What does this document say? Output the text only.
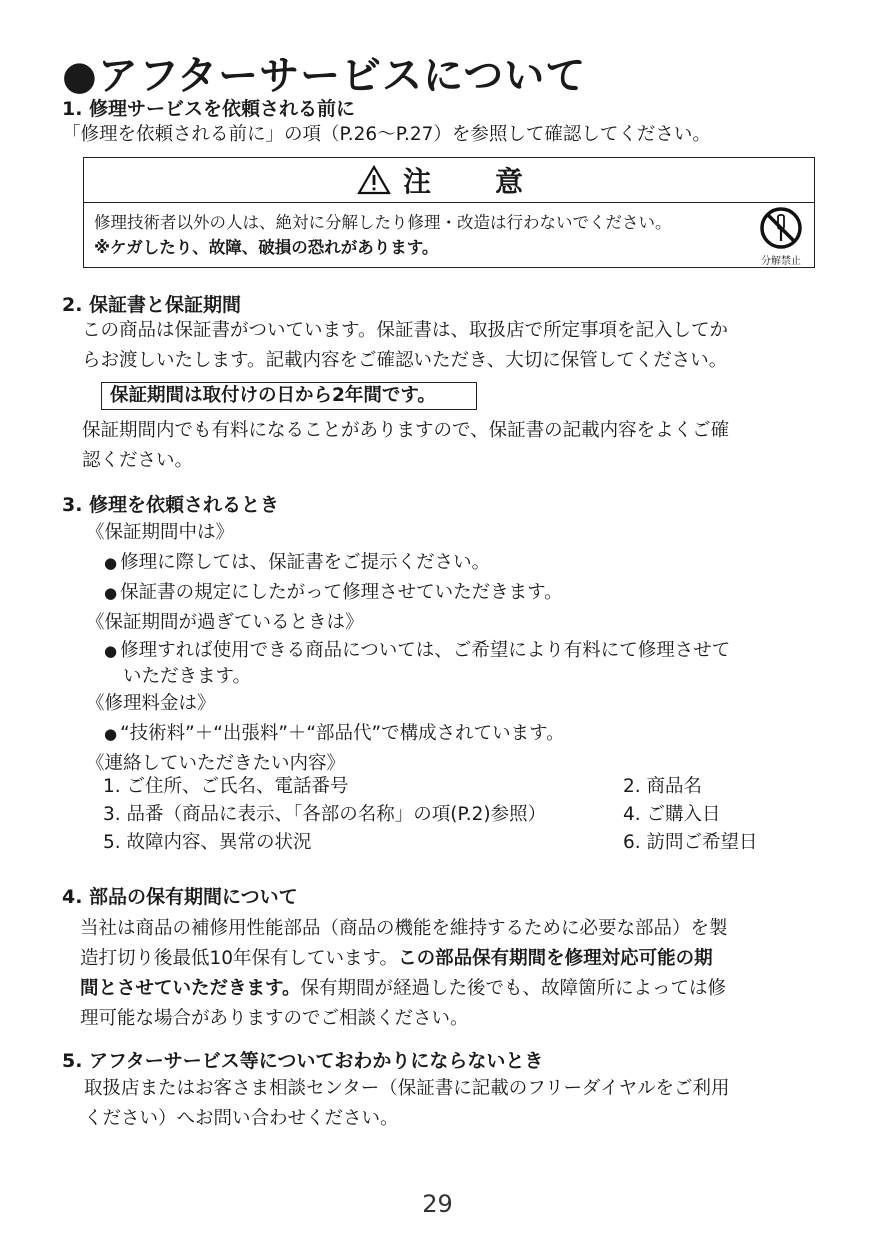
●アフターサービスについて
1. 修理サービスを依頼される前に
「修理を依頼される前に」の項（P.26～P.27）を参照して確認してください。
注　意
修理技術者以外の人は、絶対に分解したり修理・改造は行わないでください。
※ケガしたり、故障、破損の恐れがあります。
分解禁止
2. 保証書と保証期間
この商品は保証書がついています。保証書は、取扱店で所定事項を記入してか
らお渡しいたします。記載内容をご確認いただき、大切に保管してください。
保証期間は取付けの日から2年間です。
保証期間内でも有料になることがありますので、保証書の記載内容をよくご確
認ください。
3. 修理を依頼されるとき
《保証期間中は》
● 修理に際しては、保証書をご提示ください。
● 保証書の規定にしたがって修理させていただきます。
《保証期間が過ぎているときは》
● 修理すれば使用できる商品については、ご希望により有料にて修理させて
いただきます。
《修理料金は》
● “技術料”＋“出張料”＋“部品代”で構成されています。
《連絡していただきたい内容》
1. ご住所、ご氏名、電話番号	2. 商品名
3. 品番（商品に表示、「各部の名称」の項(P.2)参照）	4. ご購入日
5. 故障内容、異常の状況	6. 訪問ご希望日
4. 部品の保有期間について
当社は商品の補修用性能部品（商品の機能を維持するために必要な部品）を製
造打切り後最低10年保有しています。この部品保有期間を修理対応可能の期
間とさせていただきます。保有期間が経過した後でも、故障箇所によっては修
理可能な場合がありますのでご相談ください。
5. アフターサービス等についておわかりにならないとき
取扱店またはお客さま相談センター（保証書に記載のフリーダイヤルをご利用
ください）へお問い合わせください。
29
